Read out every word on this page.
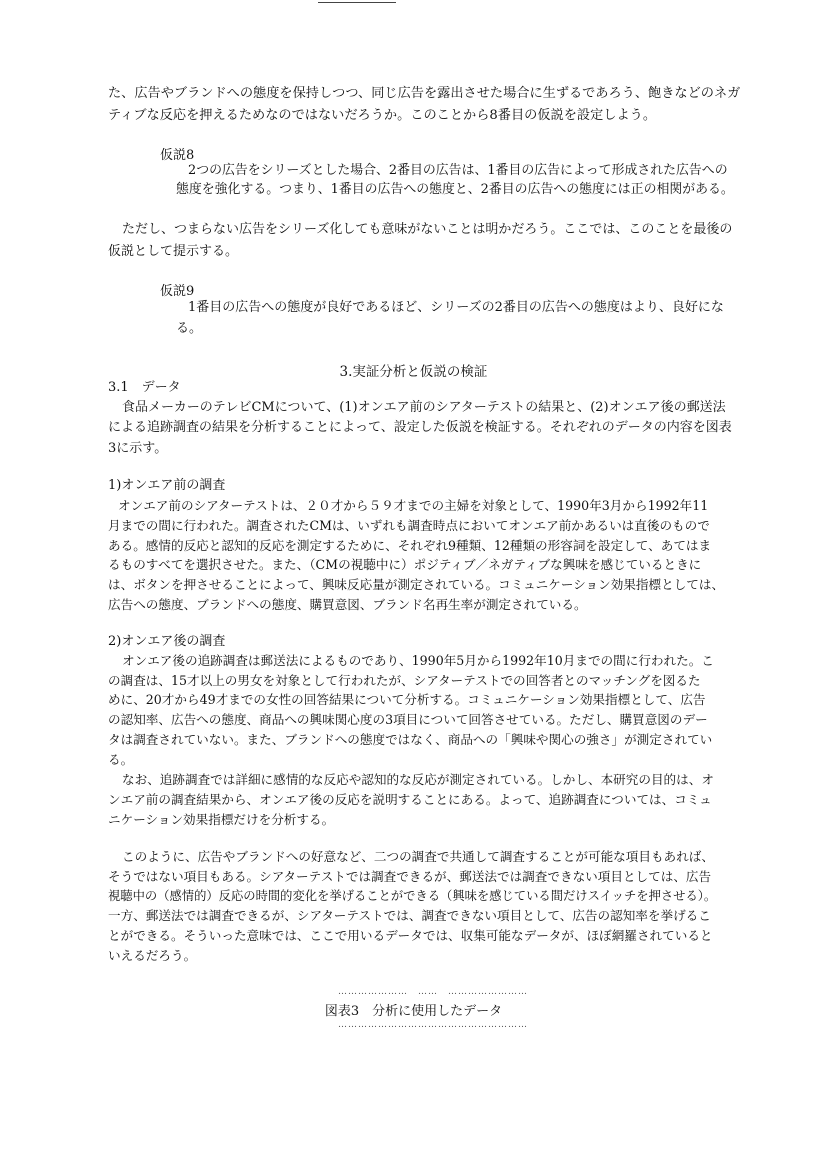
た、広告やブランドへの態度を保持しつつ、同じ広告を露出させた場合に生ずるであろう、飽きなどのネガ
ティブな反応を押えるためなのではないだろうか。このことから8番目の仮説を設定しよう。
仮説8
2つの広告をシリーズとした場合、2番目の広告は、1番目の広告によって形成された広告への
態度を強化する。つまり、1番目の広告への態度と、2番目の広告への態度には正の相関がある。
ただし、つまらない広告をシリーズ化しても意味がないことは明かだろう。ここでは、このことを最後の
仮説として提示する。
仮説9
1番目の広告への態度が良好であるほど、シリーズの2番目の広告への態度はより、良好にな
る。
3.実証分析と仮説の検証
3.1　データ
食品メーカーのテレビCMについて、(1)オンエア前のシアターテストの結果と、(2)オンエア後の郵送法
による追跡調査の結果を分析することによって、設定した仮説を検証する。それぞれのデータの内容を図表
3に示す。
1)オンエア前の調査
オンエア前のシアターテストは、２０才から５９才までの主婦を対象として、1990年3月から1992年11
月までの間に行われた。調査されたCMは、いずれも調査時点においてオンエア前かあるいは直後のもので
ある。感情的反応と認知的反応を測定するために、それぞれ9種類、12種類の形容詞を設定して、あてはま
るものすべてを選択させた。また、（CMの視聴中に）ポジティブ／ネガティブな興味を感じているときに
は、ボタンを押させることによって、興味反応量が測定されている。コミュニケーション効果指標としては、
広告への態度、ブランドへの態度、購買意図、ブランド名再生率が測定されている。
2)オンエア後の調査
オンエア後の追跡調査は郵送法によるものであり、1990年5月から1992年10月までの間に行われた。こ
の調査は、15才以上の男女を対象として行われたが、シアターテストでの回答者とのマッチングを図るた
めに、20才から49才までの女性の回答結果について分析する。コミュニケーション効果指標として、広告
の認知率、広告への態度、商品への興味関心度の3項目について回答させている。ただし、購買意図のデー
タは調査されていない。また、ブランドへの態度ではなく、商品への「興味や関心の強さ」が測定されてい
る。
なお、追跡調査では詳細に感情的な反応や認知的な反応が測定されている。しかし、本研究の目的は、オ
ンエア前の調査結果から、オンエア後の反応を説明することにある。よって、追跡調査については、コミュ
ニケーション効果指標だけを分析する。
このように、広告やブランドへの好意など、二つの調査で共通して調査することが可能な項目もあれば、
そうではない項目もある。シアターテストでは調査できるが、郵送法では調査できない項目としては、広告
視聴中の（感情的）反応の時間的変化を挙げることができる（興味を感じている間だけスイッチを押させる）。
一方、郵送法では調査できるが、シアターテストでは、調査できない項目として、広告の認知率を挙げるこ
とができる。そういった意味では、ここで用いるデータでは、収集可能なデータが、ほぼ網羅されていると
いえるだろう。
…………………　……　……………………
図表3　分析に使用したデータ
…………………………………………………
